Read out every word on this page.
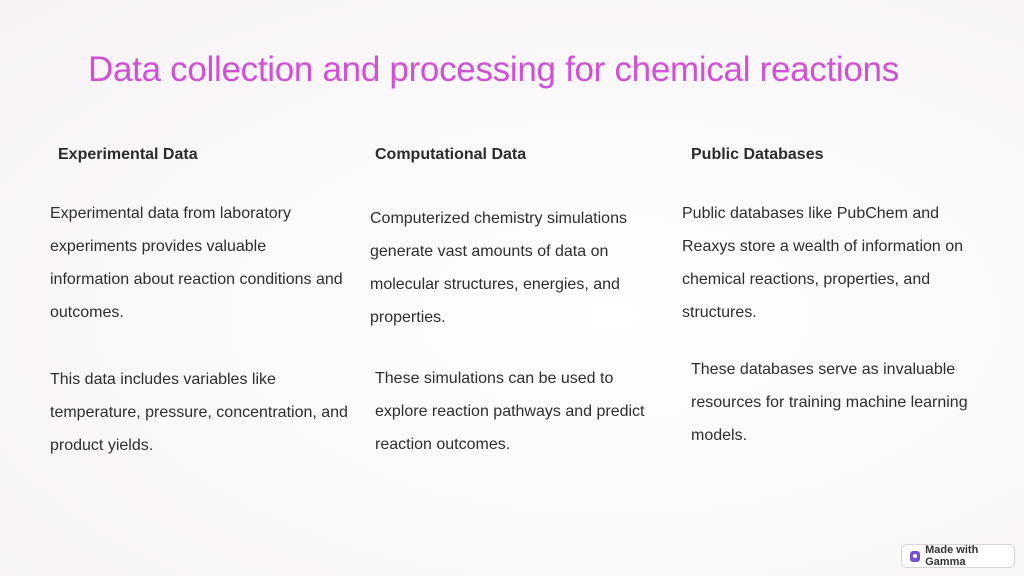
Data collection and processing for chemical reactions
Experimental Data

Experimental data from laboratory experiments provides valuable information about reaction conditions and outcomes.

This data includes variables like temperature, pressure, concentration, and product yields.

Computational Data

Computerized chemistry simulations generate vast amounts of data on molecular structures, energies, and properties.

These simulations can be used to explore reaction pathways and predict reaction outcomes.

Public Databases

Public databases like PubChem and Reaxys store a wealth of information on chemical reactions, properties, and structures.

These databases serve as invaluable resources for training machine learning models.

Made with Gamma
